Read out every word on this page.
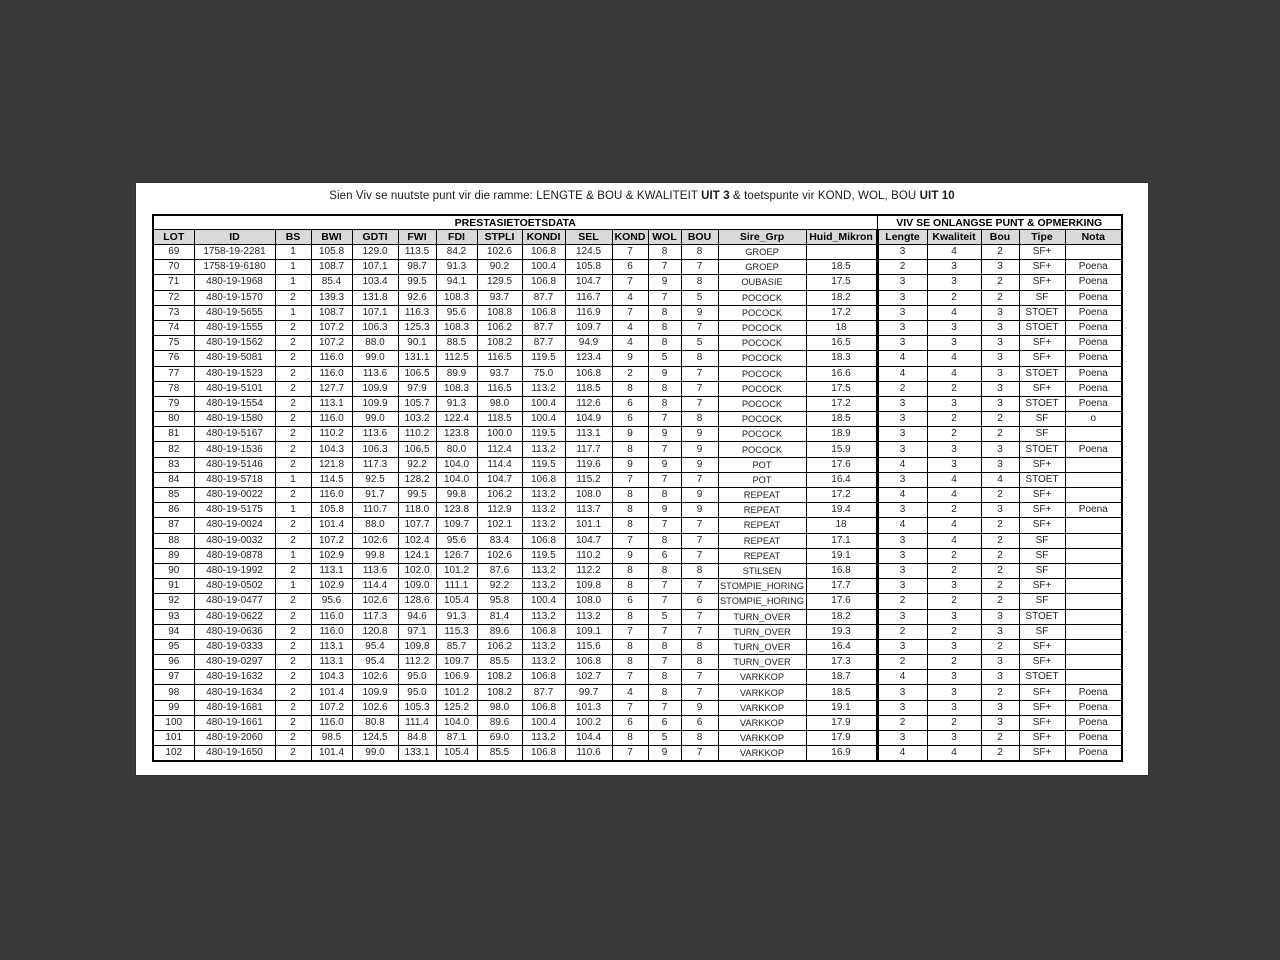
Sien Viv se nuutste punt vir die ramme: LENGTE & BOU & KWALITEIT UIT 3 & toetspunte vir KOND, WOL, BOU UIT 10
PRESTASIETOETSDATA															VIV SE ONLANGSE PUNT & OPMERKING				
LOT	ID	BS	BWI	GDTI	FWI	FDI	STPLI	KONDI	SEL	KOND	WOL	BOU	Sire_Grp	Huid_Mikron	Lengte	Kwaliteit	Bou	Tipe	Nota
69	1758-19-2281	1	105.8	129.0	113.5	84.2	102.6	106.8	124.5	7	8	8	GROEP		3	4	2	SF+	
70	1758-19-6180	1	108.7	107.1	98.7	91.3	90.2	100.4	105.8	6	7	7	GROEP	18.5	2	3	3	SF+	Poena
71	480-19-1968	1	85.4	103.4	99.5	94.1	129.5	106.8	104.7	7	9	8	OUBASIE	17.5	3	3	2	SF+	Poena
72	480-19-1570	2	139.3	131.8	92.6	108.3	93.7	87.7	116.7	4	7	5	POCOCK	18.2	3	2	2	SF	Poena
73	480-19-5655	1	108.7	107.1	116.3	95.6	108.8	106.8	116.9	7	8	9	POCOCK	17.2	3	4	3	STOET	Poena
74	480-19-1555	2	107.2	106.3	125.3	108.3	106.2	87.7	109.7	4	8	7	POCOCK	18	3	3	3	STOET	Poena
75	480-19-1562	2	107.2	88.0	90.1	88.5	108.2	87.7	94.9	4	8	5	POCOCK	16.5	3	3	3	SF+	Poena
76	480-19-5081	2	116.0	99.0	131.1	112.5	116.5	119.5	123.4	9	5	8	POCOCK	18.3	4	4	3	SF+	Poena
77	480-19-1523	2	116.0	113.6	106.5	89.9	93.7	75.0	106.8	2	9	7	POCOCK	16.6	4	4	3	STOET	Poena
78	480-19-5101	2	127.7	109.9	97.9	108.3	116.5	113.2	118.5	8	8	7	POCOCK	17.5	2	2	3	SF+	Poena
79	480-19-1554	2	113.1	109.9	105.7	91.3	98.0	100.4	112.6	6	8	7	POCOCK	17.2	3	3	3	STOET	Poena
80	480-19-1580	2	116.0	99.0	103.2	122.4	118.5	100.4	104.9	6	7	8	POCOCK	18.5	3	2	2	SF	o
81	480-19-5167	2	110.2	113.6	110.2	123.8	100.0	119.5	113.1	9	9	9	POCOCK	18.9	3	2	2	SF	
82	480-19-1536	2	104.3	106.3	106.5	80.0	112.4	113.2	117.7	8	7	9	POCOCK	15.9	3	3	3	STOET	Poena
83	480-19-5146	2	121.8	117.3	92.2	104.0	114.4	119.5	119.6	9	9	9	POT	17.6	4	3	3	SF+	
84	480-19-5718	1	114.5	92.5	128.2	104.0	104.7	106.8	115.2	7	7	7	POT	16.4	3	4	4	STOET	
85	480-19-0022	2	116.0	91.7	99.5	99.8	106.2	113.2	108.0	8	8	9	REPEAT	17.2	4	4	2	SF+	
86	480-19-5175	1	105.8	110.7	118.0	123.8	112.9	113.2	113.7	8	9	9	REPEAT	19.4	3	2	3	SF+	Poena
87	480-19-0024	2	101.4	88.0	107.7	109.7	102.1	113.2	101.1	8	7	7	REPEAT	18	4	4	2	SF+	
88	480-19-0032	2	107.2	102.6	102.4	95.6	83.4	106.8	104.7	7	8	7	REPEAT	17.1	3	4	2	SF	
89	480-19-0878	1	102.9	99.8	124.1	126.7	102.6	119.5	110.2	9	6	7	REPEAT	19.1	3	2	2	SF	
90	480-19-1992	2	113.1	113.6	102.0	101.2	87.6	113.2	112.2	8	8	8	STILSEN	16.8	3	2	2	SF	
91	480-19-0502	1	102.9	114.4	109.0	111.1	92.2	113.2	109.8	8	7	7	STOMPIE_HORING	17.7	3	3	2	SF+	
92	480-19-0477	2	95.6	102.6	128.6	105.4	95.8	100.4	108.0	6	7	6	STOMPIE_HORING	17.6	2	2	2	SF	
93	480-19-0622	2	116.0	117.3	94.6	91.3	81.4	113.2	113.2	8	5	7	TURN_OVER	18.2	3	3	3	STOET	
94	480-19-0636	2	116.0	120.8	97.1	115.3	89.6	106.8	109.1	7	7	7	TURN_OVER	19.3	2	2	3	SF	
95	480-19-0333	2	113.1	95.4	109.8	85.7	106.2	113.2	115.6	8	8	8	TURN_OVER	16.4	3	3	2	SF+	
96	480-19-0297	2	113.1	95.4	112.2	109.7	85.5	113.2	106.8	8	7	8	TURN_OVER	17.3	2	2	3	SF+	
97	480-19-1632	2	104.3	102.6	95.0	106.9	108.2	106.8	102.7	7	8	7	VARKKOP	18.7	4	3	3	STOET	
98	480-19-1634	2	101.4	109.9	95.0	101.2	108.2	87.7	99.7	4	8	7	VARKKOP	18.5	3	3	2	SF+	Poena
99	480-19-1681	2	107.2	102.6	105.3	125.2	98.0	106.8	101.3	7	7	9	VARKKOP	19.1	3	3	3	SF+	Poena
100	480-19-1661	2	116.0	80.8	111.4	104.0	89.6	100.4	100.2	6	6	6	VARKKOP	17.9	2	2	3	SF+	Poena
101	480-19-2060	2	98.5	124.5	84.8	87.1	69.0	113.2	104.4	8	5	8	VARKKOP	17.9	3	3	2	SF+	Poena
102	480-19-1650	2	101.4	99.0	133.1	105.4	85.5	106.8	110.6	7	9	7	VARKKOP	16.9	4	4	2	SF+	Poena
